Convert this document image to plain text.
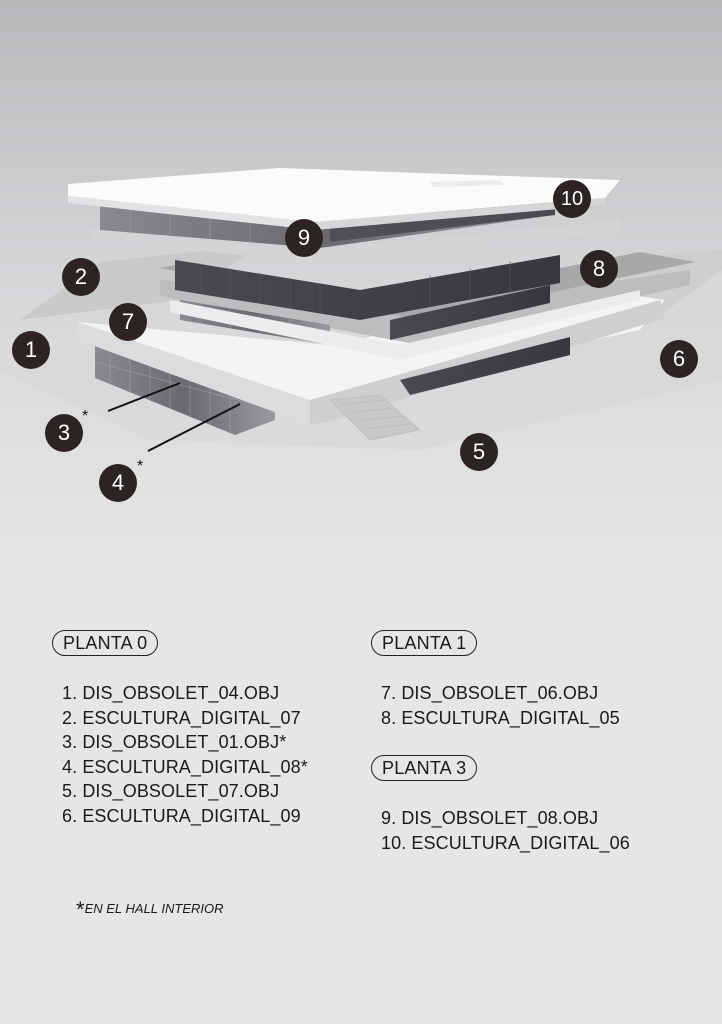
1
2
3
*
4
*
5
6
7
8
9
10
PLANTA 0
1. DIS_OBSOLET_04.OBJ
2. ESCULTURA_DIGITAL_07
3. DIS_OBSOLET_01.OBJ*
4. ESCULTURA_DIGITAL_08*
5. DIS_OBSOLET_07.OBJ
6. ESCULTURA_DIGITAL_09
PLANTA 1
7. DIS_OBSOLET_06.OBJ
8. ESCULTURA_DIGITAL_05
PLANTA 3
9. DIS_OBSOLET_08.OBJ
10. ESCULTURA_DIGITAL_06
*EN EL HALL INTERIOR
